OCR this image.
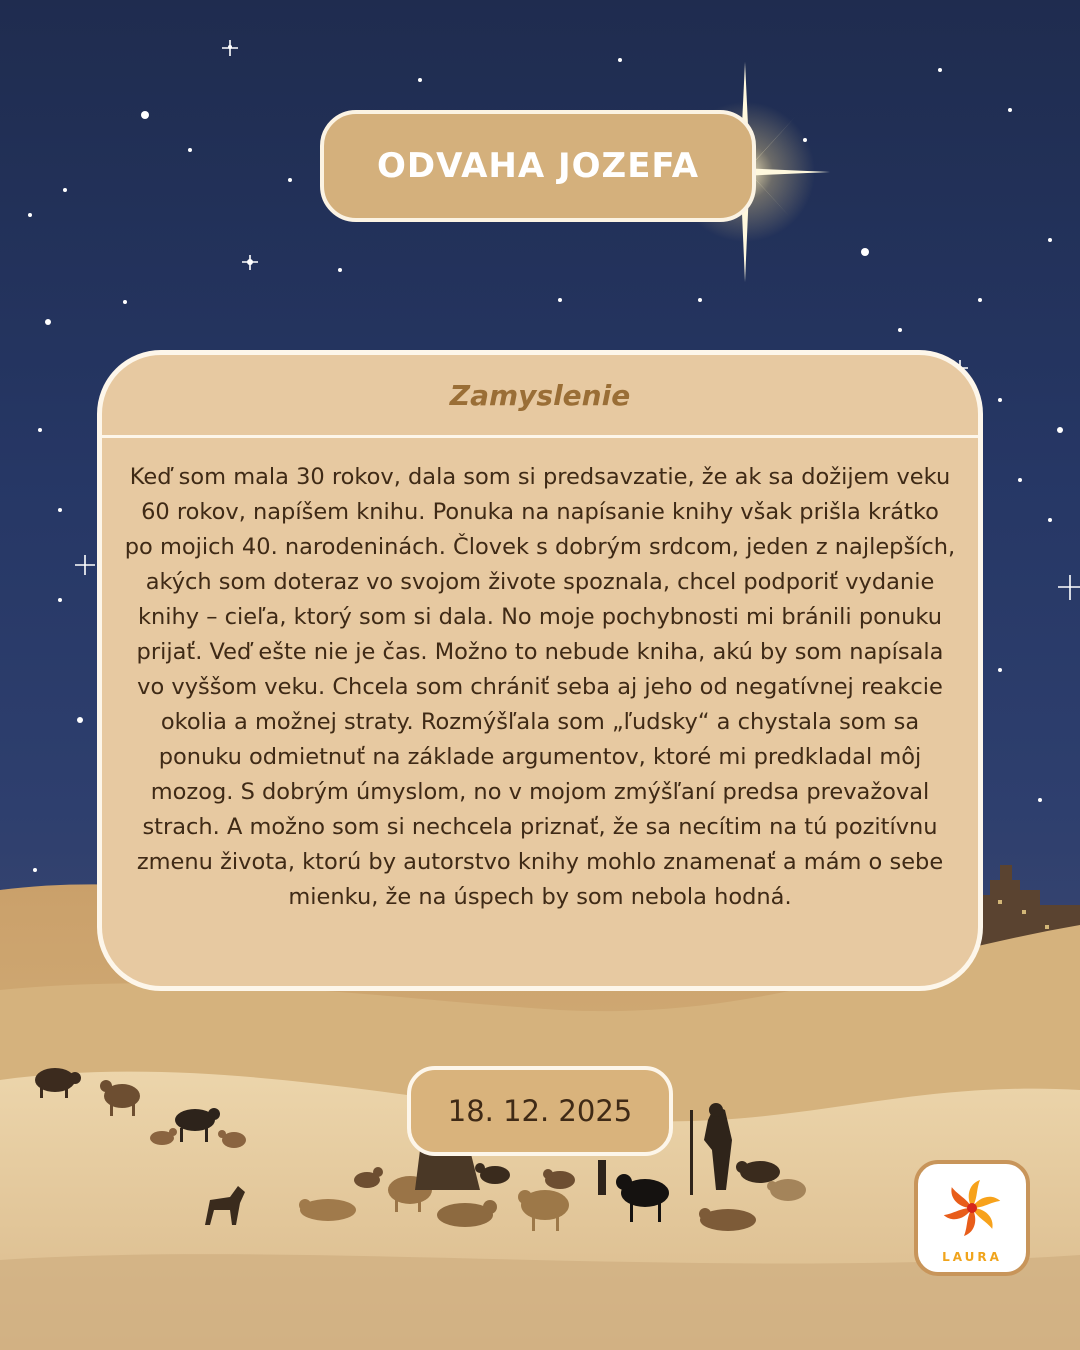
ODVAHA JOZEFA
Zamyslenie
Keď som mala 30 rokov, dala som si predsavzatie, že ak sa dožijem veku 60 rokov, napíšem knihu. Ponuka na napísanie knihy však prišla krátko po mojich 40. narodeninách. Človek s dobrým srdcom, jeden z najlepších, akých som doteraz vo svojom živote spoznala, chcel podporiť vydanie knihy – cieľa, ktorý som si dala. No moje pochybnosti mi bránili ponuku prijať. Veď ešte nie je čas. Možno to nebude kniha, akú by som napísala vo vyššom veku. Chcela som chrániť seba aj jeho od negatívnej reakcie okolia a možnej straty. Rozmýšľala som „ľudsky“ a chystala som sa ponuku odmietnuť na základe argumentov, ktoré mi predkladal môj mozog. S dobrým úmyslom, no v mojom zmýšľaní predsa prevažoval strach. A možno som si nechcela priznať, že sa necítim na tú pozitívnu zmenu života, ktorú by autorstvo knihy mohlo znamenať a mám o sebe mienku, že na úspech by som nebola hodná.
18. 12. 2025
LAURA
